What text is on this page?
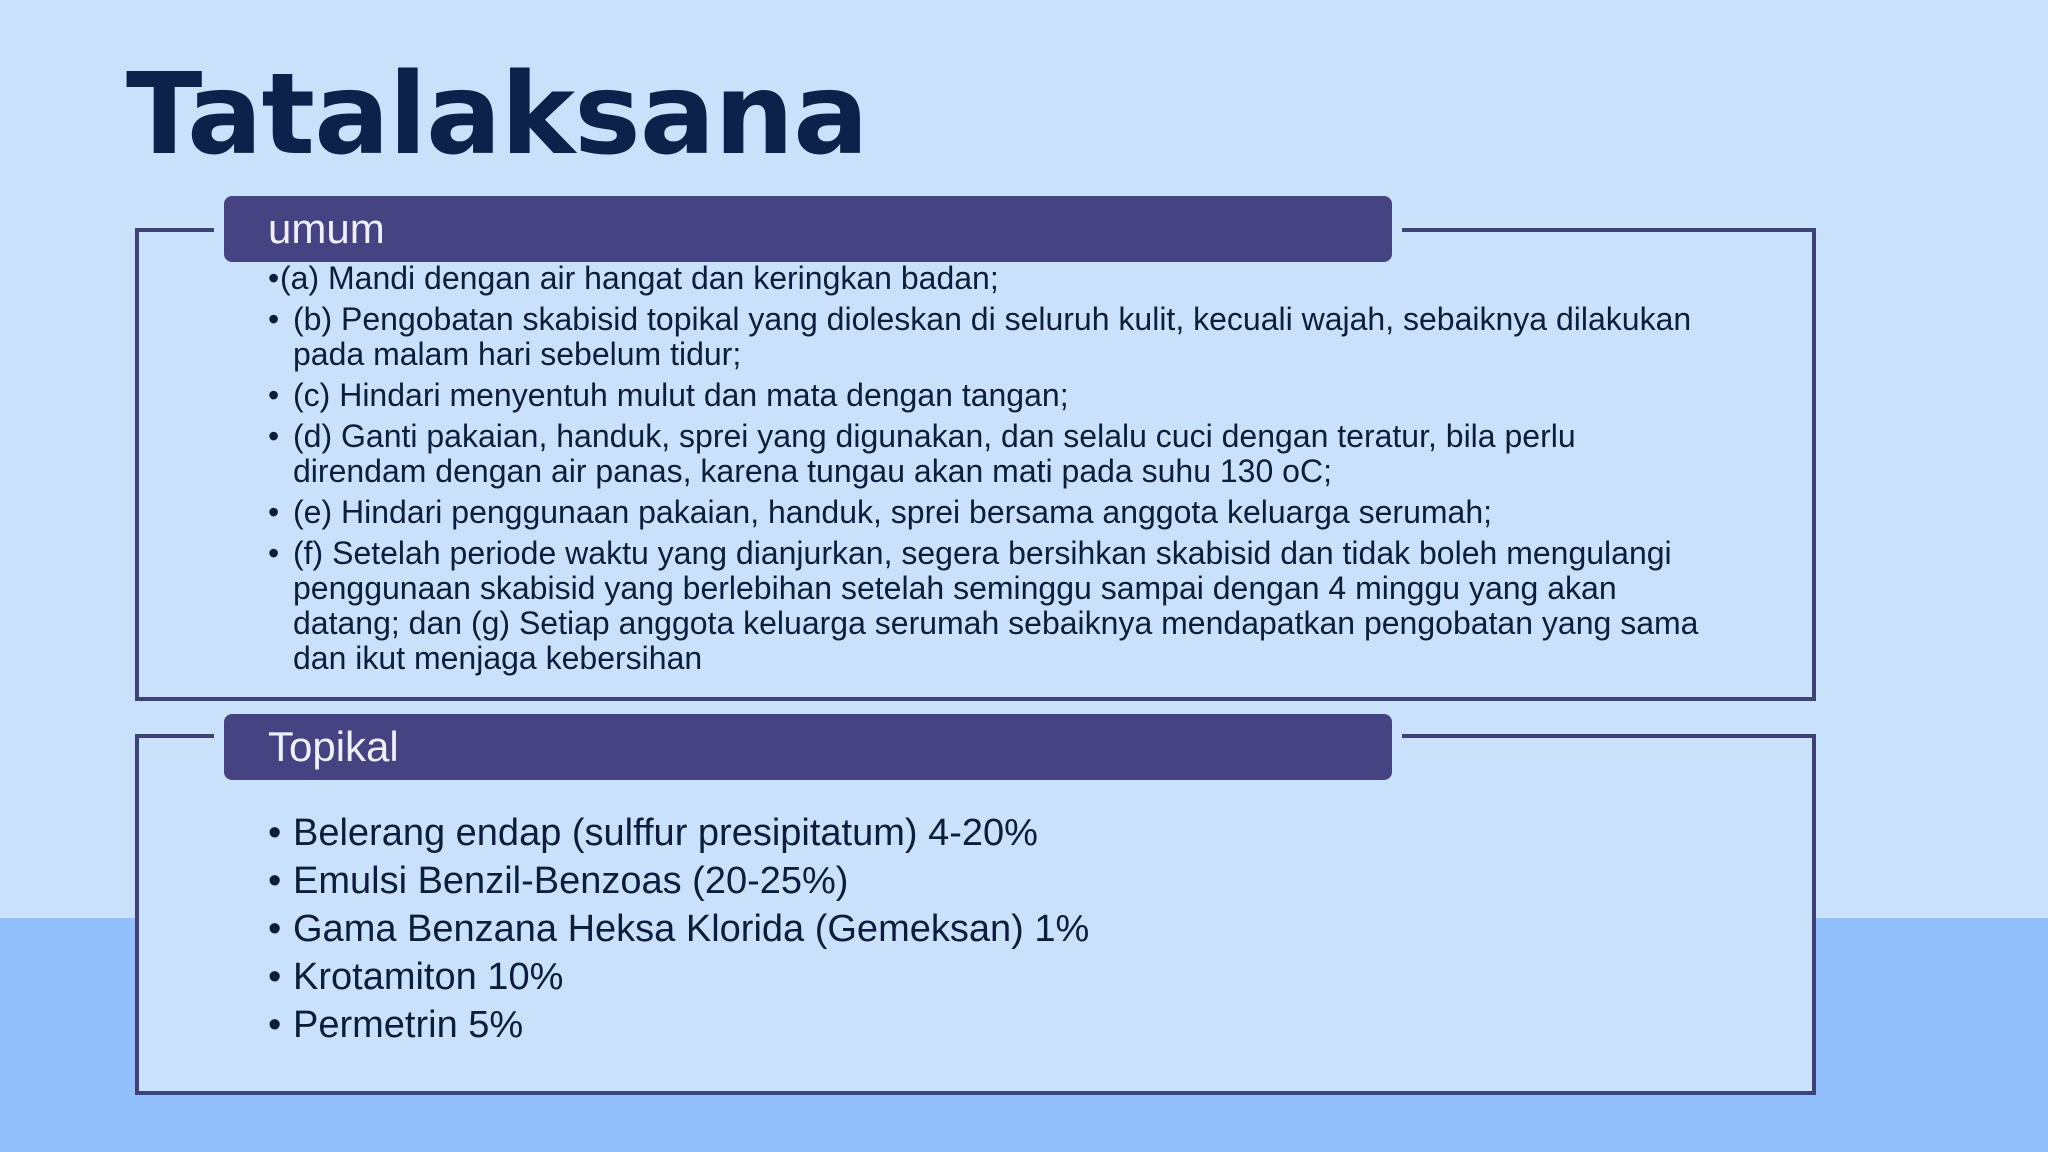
Tatalaksana
umum
• (a) Mandi dengan air hangat dan keringkan badan;
• (b) Pengobatan skabisid topikal yang dioleskan di seluruh kulit, kecuali wajah, sebaiknya dilakukan pada malam hari sebelum tidur;
• (c) Hindari menyentuh mulut dan mata dengan tangan;
• (d) Ganti pakaian, handuk, sprei yang digunakan, dan selalu cuci dengan teratur, bila perlu direndam dengan air panas, karena tungau akan mati pada suhu 130 oC;
• (e) Hindari penggunaan pakaian, handuk, sprei bersama anggota keluarga serumah;
• (f) Setelah periode waktu yang dianjurkan, segera bersihkan skabisid dan tidak boleh mengulangi penggunaan skabisid yang berlebihan setelah seminggu sampai dengan 4 minggu yang akan datang; dan (g) Setiap anggota keluarga serumah sebaiknya mendapatkan pengobatan yang sama dan ikut menjaga kebersihan
Topikal
• Belerang endap (sulffur presipitatum) 4-20%
• Emulsi Benzil-Benzoas (20-25%)
• Gama Benzana Heksa Klorida (Gemeksan) 1%
• Krotamiton 10%
• Permetrin 5%
